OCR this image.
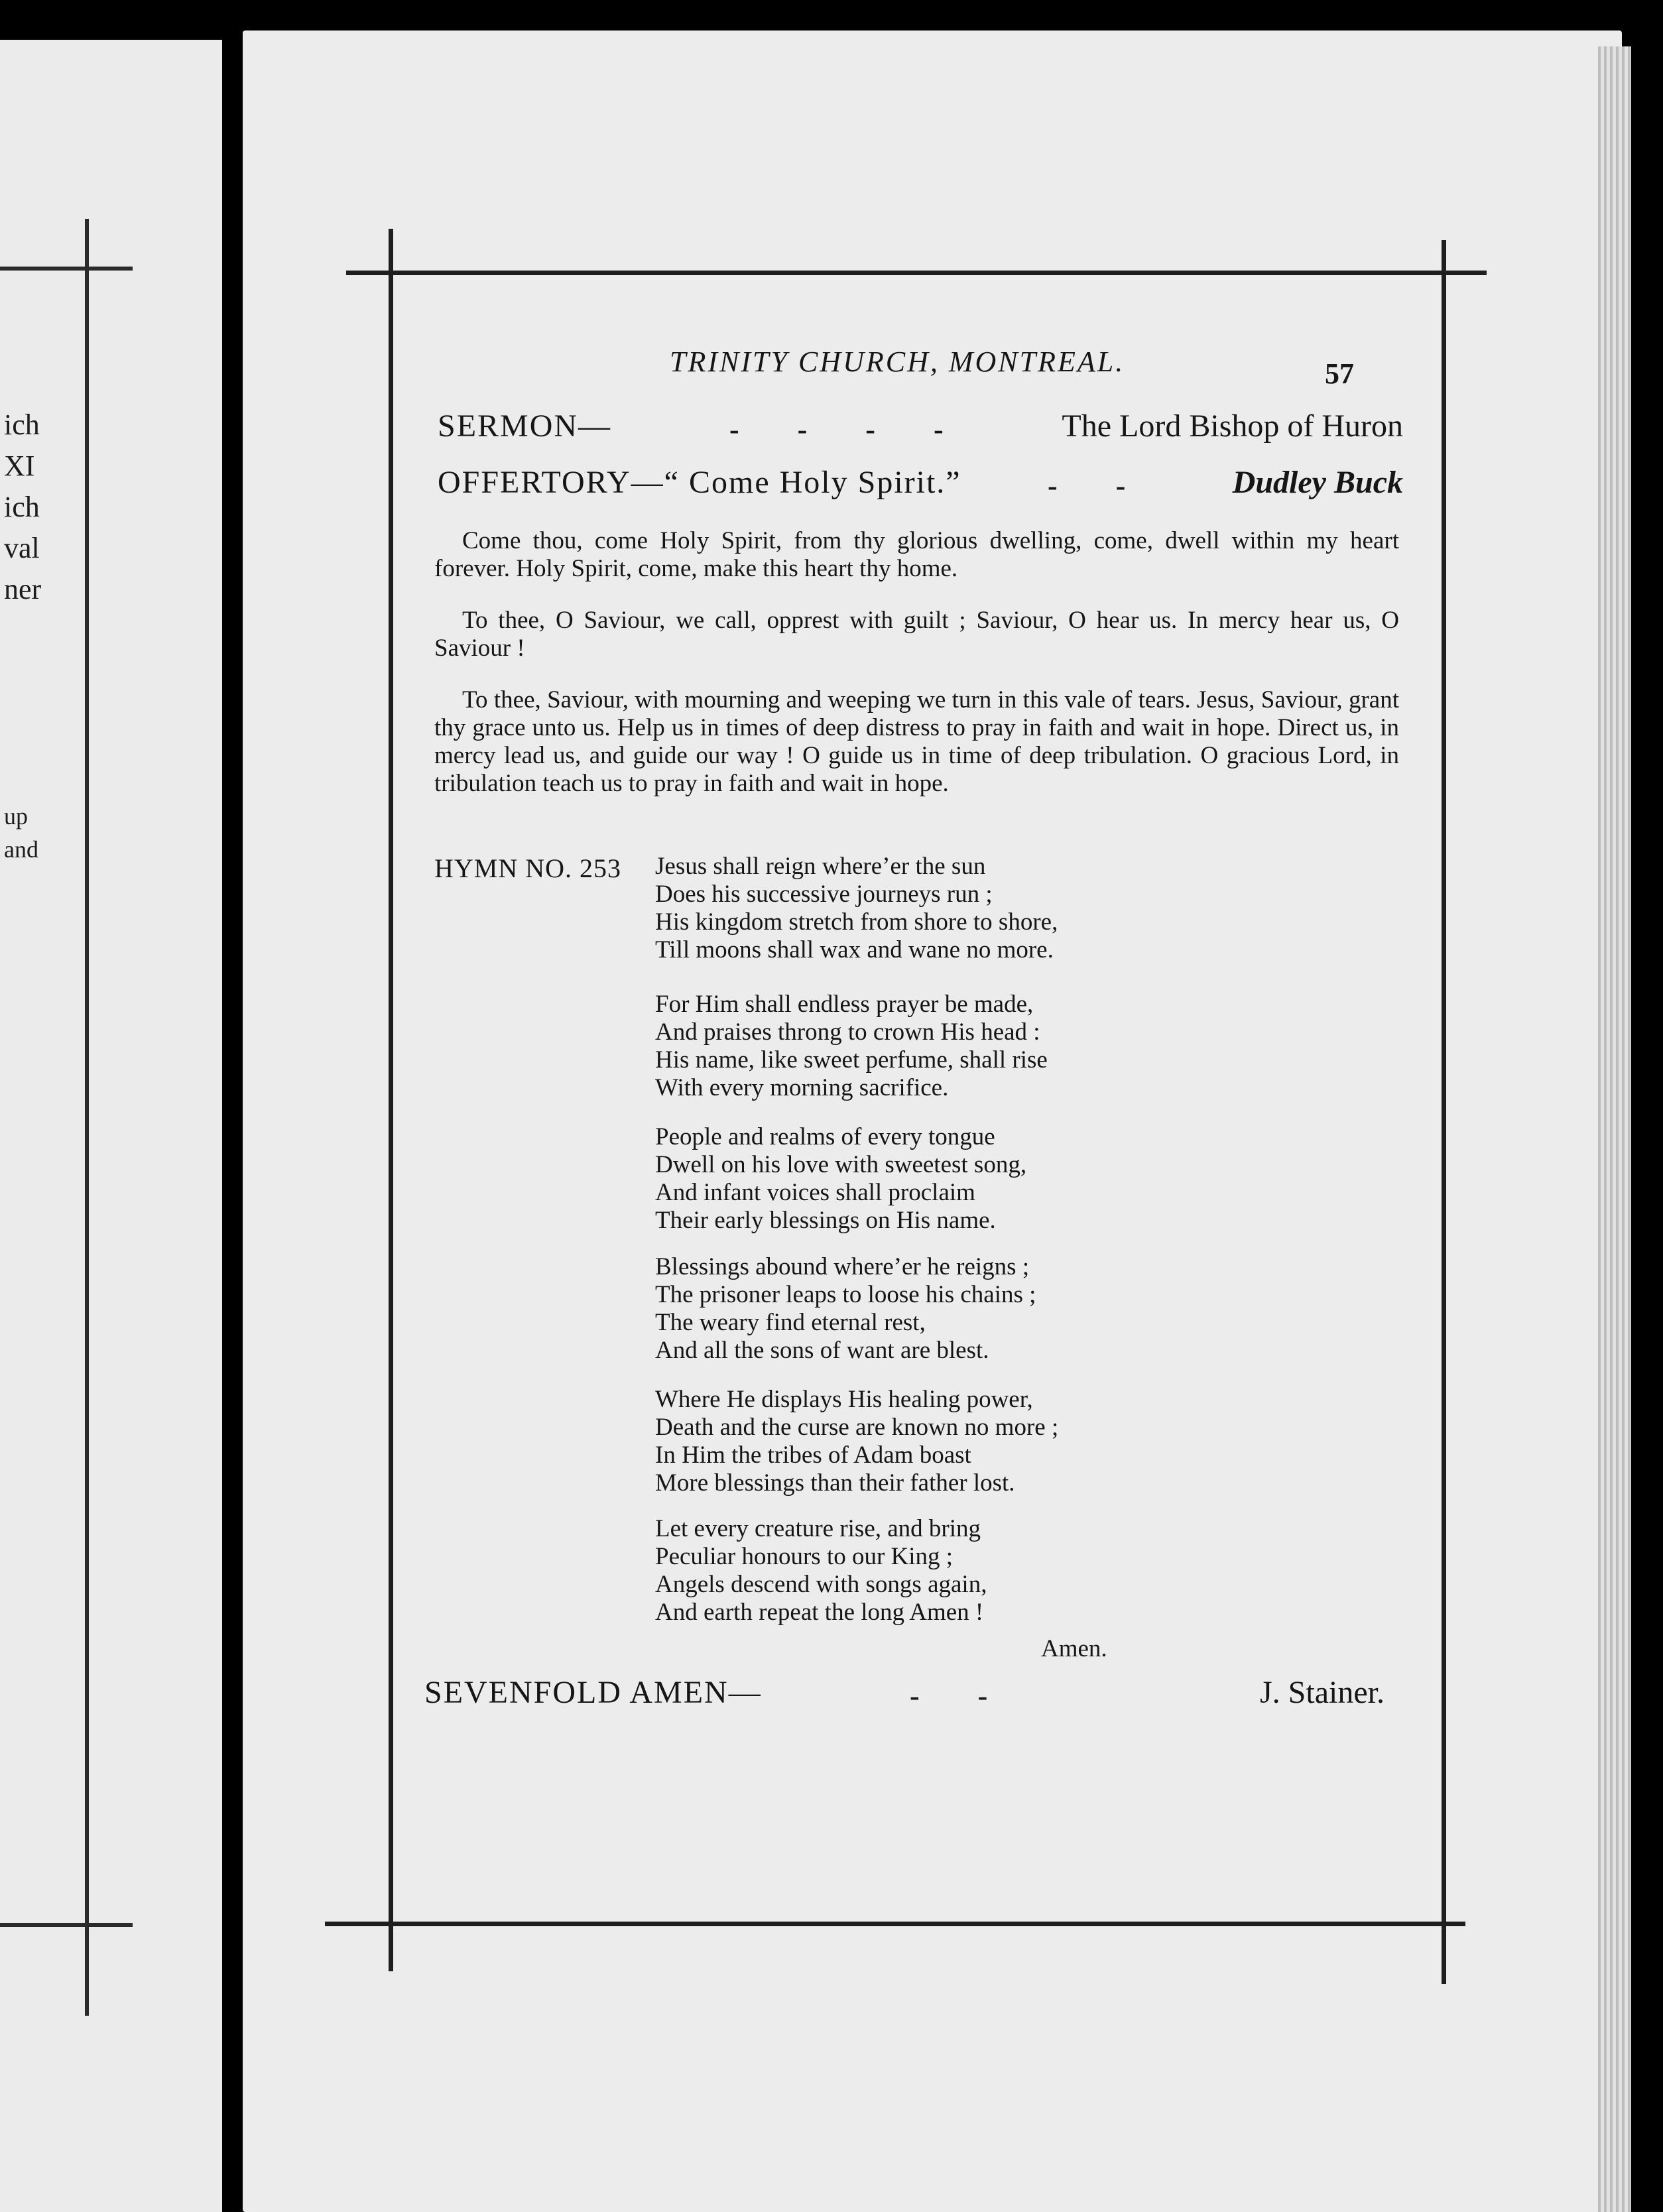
ich
XI
ich
val
ner
up
and
TRINITY CHURCH, MONTREAL.	57
SERMON—	-        -        -        -	The Lord Bishop of Huron
OFFERTORY—“ Come Holy Spirit.”	-        -	Dudley Buck
Come thou, come Holy Spirit, from thy glorious dwelling, come, dwell within my heart forever. Holy Spirit, come, make this heart thy home.
To thee, O Saviour, we call, opprest with guilt ; Saviour, O hear us. In mercy hear us, O Saviour !
To thee, Saviour, with mourning and weeping we turn in this vale of tears. Jesus, Saviour, grant thy grace unto us. Help us in times of deep distress to pray in faith and wait in hope. Direct us, in mercy lead us, and guide our way ! O guide us in time of deep tribulation. O gracious Lord, in tribulation teach us to pray in faith and wait in hope.
HYMN NO. 253 Jesus shall reign where’er the sun
Does his successive journeys run ;
His kingdom stretch from shore to shore,
Till moons shall wax and wane no more.
For Him shall endless prayer be made,
And praises throng to crown His head :
His name, like sweet perfume, shall rise
With every morning sacrifice.
People and realms of every tongue
Dwell on his love with sweetest song,
And infant voices shall proclaim
Their early blessings on His name.
Blessings abound where’er he reigns ;
The prisoner leaps to loose his chains ;
The weary find eternal rest,
And all the sons of want are blest.
Where He displays His healing power,
Death and the curse are known no more ;
In Him the tribes of Adam boast
More blessings than their father lost.
Let every creature rise, and bring
Peculiar honours to our King ;
Angels descend with songs again,
And earth repeat the long Amen !
Amen.
SEVENFOLD AMEN—	-        -	J. Stainer.
